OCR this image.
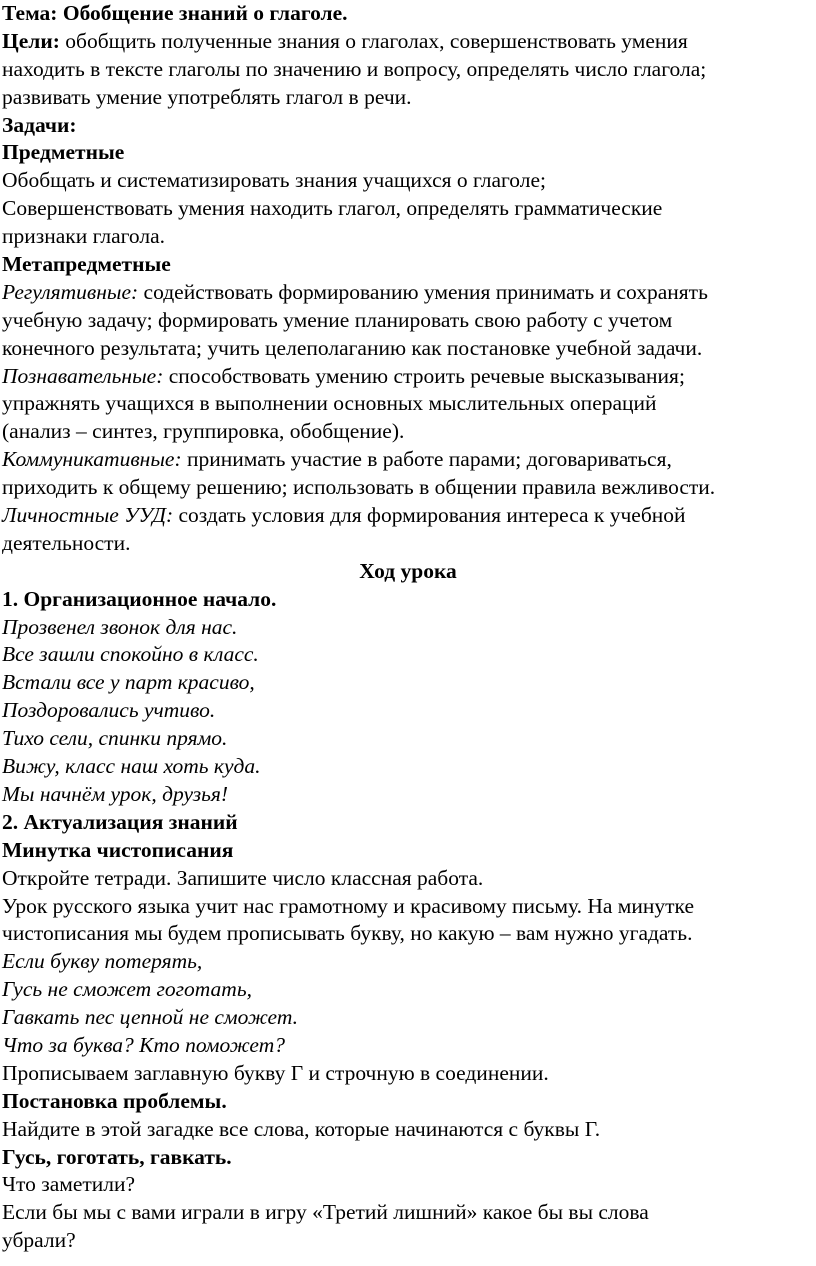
Тема: Обобщение знаний о глаголе.
Цели: обобщить полученные знания о глаголах, совершенствовать умения
находить в тексте глаголы по значению и вопросу, определять число глагола;
развивать умение употреблять глагол в речи.
Задачи:
Предметные
Обобщать и систематизировать знания учащихся о глаголе;
Совершенствовать умения находить глагол, определять грамматические
признаки глагола.
Метапредметные
Регулятивные: содействовать формированию умения принимать и сохранять
учебную задачу; формировать умение планировать свою работу с учетом
конечного результата; учить целеполаганию как постановке учебной задачи.
Познавательные: способствовать умению строить речевые высказывания;
упражнять учащихся в выполнении основных мыслительных операций
(анализ – синтез, группировка, обобщение).
Коммуникативные: принимать участие в работе парами; договариваться,
приходить к общему решению; использовать в общении правила вежливости.
Личностные УУД: создать условия для формирования интереса к учебной
деятельности.
Ход урока
1. Организационное начало.
Прозвенел звонок для нас.
Все зашли спокойно в класс.
Встали все у парт красиво,
Поздоровались учтиво.
Тихо сели, спинки прямо.
Вижу, класс наш хоть куда.
Мы начнём урок, друзья!
2. Актуализация знаний
Минутка чистописания
Откройте тетради. Запишите число классная работа.
Урок русского языка учит нас грамотному и красивому письму. На минутке
чистописания мы будем прописывать букву, но какую – вам нужно угадать.
Если букву потерять,
Гусь не сможет гоготать,
Гавкать пес цепной не сможет.
Что за буква? Кто поможет?
Прописываем заглавную букву Г и строчную в соединении.
Постановка проблемы.
Найдите в этой загадке все слова, которые начинаются с буквы Г.
Гусь, гоготать, гавкать.
Что заметили?
Если бы мы с вами играли в игру «Третий лишний» какое бы вы слова
убрали?
